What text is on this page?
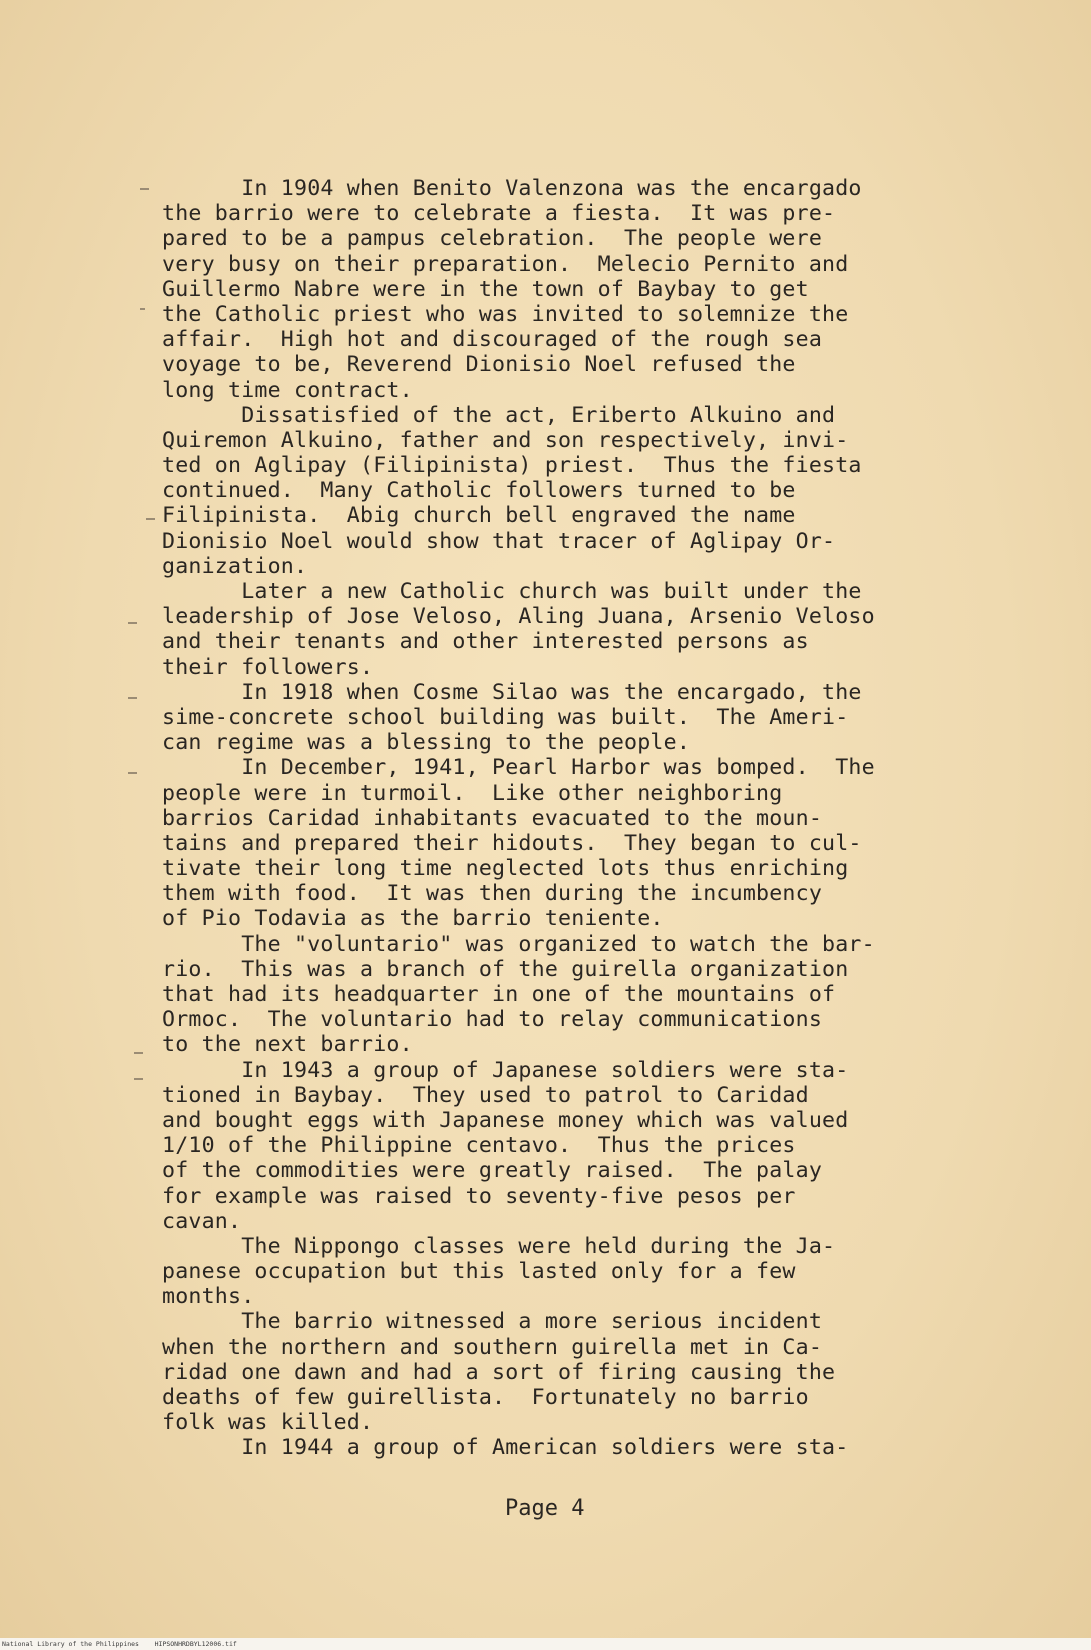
In 1904 when Benito Valenzona was the encargado
the barrio were to celebrate a fiesta.  It was pre-
pared to be a pampus celebration.  The people were
very busy on their preparation.  Melecio Pernito and
Guillermo Nabre were in the town of Baybay to get
the Catholic priest who was invited to solemnize the
affair.  High hot and discouraged of the rough sea
voyage to be, Reverend Dionisio Noel refused the
long time contract.
Dissatisfied of the act, Eriberto Alkuino and
Quiremon Alkuino, father and son respectively, invi-
ted on Aglipay (Filipinista) priest.  Thus the fiesta
continued.  Many Catholic followers turned to be
Filipinista.  Abig church bell engraved the name
Dionisio Noel would show that tracer of Aglipay Or-
ganization.
Later a new Catholic church was built under the
leadership of Jose Veloso, Aling Juana, Arsenio Veloso
and their tenants and other interested persons as
their followers.
In 1918 when Cosme Silao was the encargado, the
sime-concrete school building was built.  The Ameri-
can regime was a blessing to the people.
In December, 1941, Pearl Harbor was bomped.  The
people were in turmoil.  Like other neighboring
barrios Caridad inhabitants evacuated to the moun-
tains and prepared their hidouts.  They began to cul-
tivate their long time neglected lots thus enriching
them with food.  It was then during the incumbency
of Pio Todavia as the barrio teniente.
The "voluntario" was organized to watch the bar-
rio.  This was a branch of the guirella organization
that had its headquarter in one of the mountains of
Ormoc.  The voluntario had to relay communications
to the next barrio.
In 1943 a group of Japanese soldiers were sta-
tioned in Baybay.  They used to patrol to Caridad
and bought eggs with Japanese money which was valued
1/10 of the Philippine centavo.  Thus the prices
of the commodities were greatly raised.  The palay
for example was raised to seventy-five pesos per
cavan.
The Nippongo classes were held during the Ja-
panese occupation but this lasted only for a few
months.
The barrio witnessed a more serious incident
when the northern and southern guirella met in Ca-
ridad one dawn and had a sort of firing causing the
deaths of few guirellista.  Fortunately no barrio
folk was killed.
In 1944 a group of American soldiers were sta-
Page 4
National Library of the Philippines    HIPSONHRDBYL12006.tif
